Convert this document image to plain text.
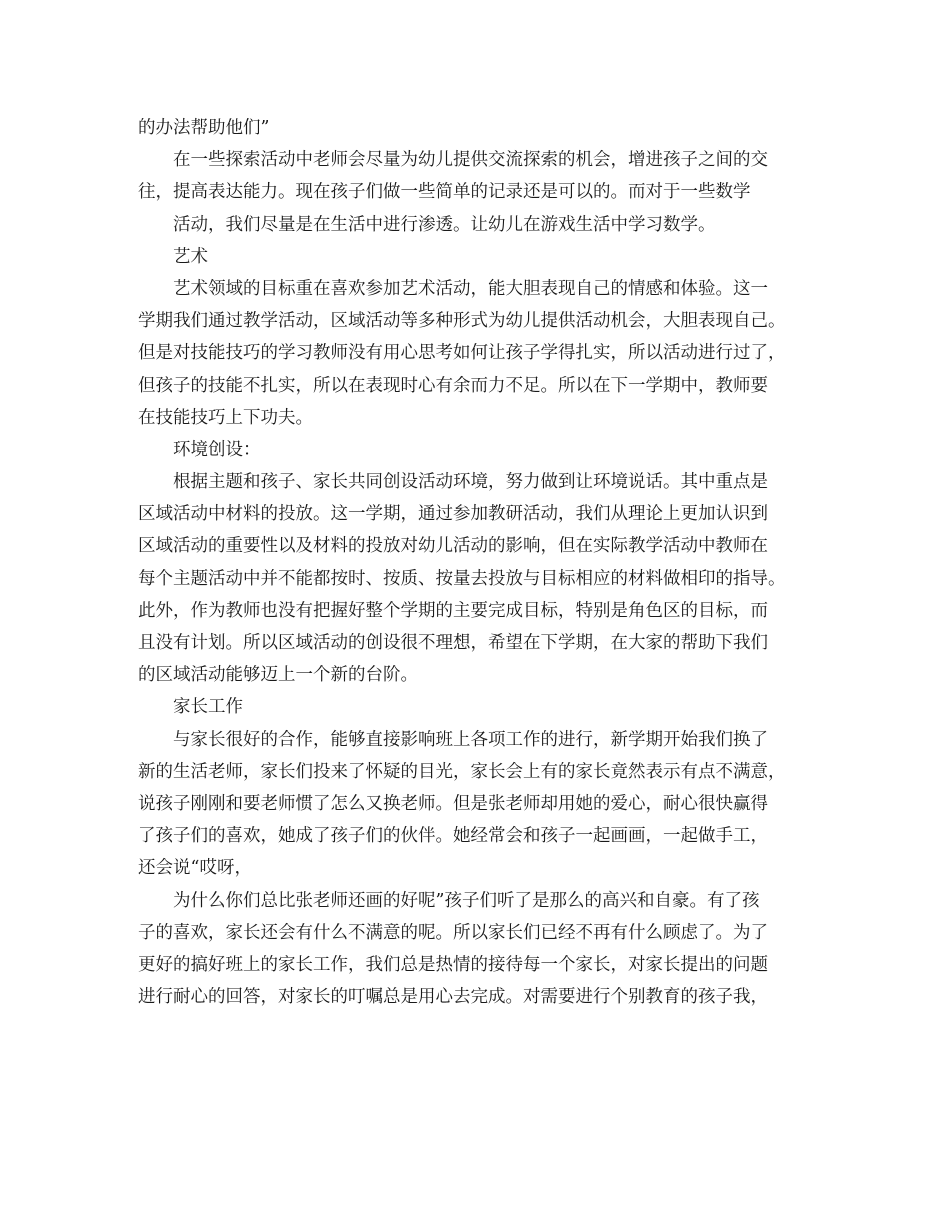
的办法帮助他们”
在一些探索活动中老师会尽量为幼儿提供交流探索的机会，增进孩子之间的交
往，提高表达能力。现在孩子们做一些简单的记录还是可以的。而对于一些数学
活动，我们尽量是在生活中进行渗透。让幼儿在游戏生活中学习数学。
艺术
艺术领域的目标重在喜欢参加艺术活动，能大胆表现自己的情感和体验。这一
学期我们通过教学活动，区域活动等多种形式为幼儿提供活动机会，大胆表现自己。
但是对技能技巧的学习教师没有用心思考如何让孩子学得扎实，所以活动进行过了，
但孩子的技能不扎实，所以在表现时心有余而力不足。所以在下一学期中，教师要
在技能技巧上下功夫。
环境创设：
根据主题和孩子、家长共同创设活动环境，努力做到让环境说话。其中重点是
区域活动中材料的投放。这一学期，通过参加教研活动，我们从理论上更加认识到
区域活动的重要性以及材料的投放对幼儿活动的影响，但在实际教学活动中教师在
每个主题活动中并不能都按时、按质、按量去投放与目标相应的材料做相印的指导。
此外，作为教师也没有把握好整个学期的主要完成目标，特别是角色区的目标，而
且没有计划。所以区域活动的创设很不理想，希望在下学期，在大家的帮助下我们
的区域活动能够迈上一个新的台阶。
家长工作
与家长很好的合作，能够直接影响班上各项工作的进行，新学期开始我们换了
新的生活老师，家长们投来了怀疑的目光，家长会上有的家长竟然表示有点不满意，
说孩子刚刚和要老师惯了怎么又换老师。但是张老师却用她的爱心，耐心很快赢得
了孩子们的喜欢，她成了孩子们的伙伴。她经常会和孩子一起画画，一起做手工，
还会说“哎呀，
为什么你们总比张老师还画的好呢”孩子们听了是那么的高兴和自豪。有了孩
子的喜欢，家长还会有什么不满意的呢。所以家长们已经不再有什么顾虑了。为了
更好的搞好班上的家长工作，我们总是热情的接待每一个家长，对家长提出的问题
进行耐心的回答，对家长的叮嘱总是用心去完成。对需要进行个别教育的孩子我，
